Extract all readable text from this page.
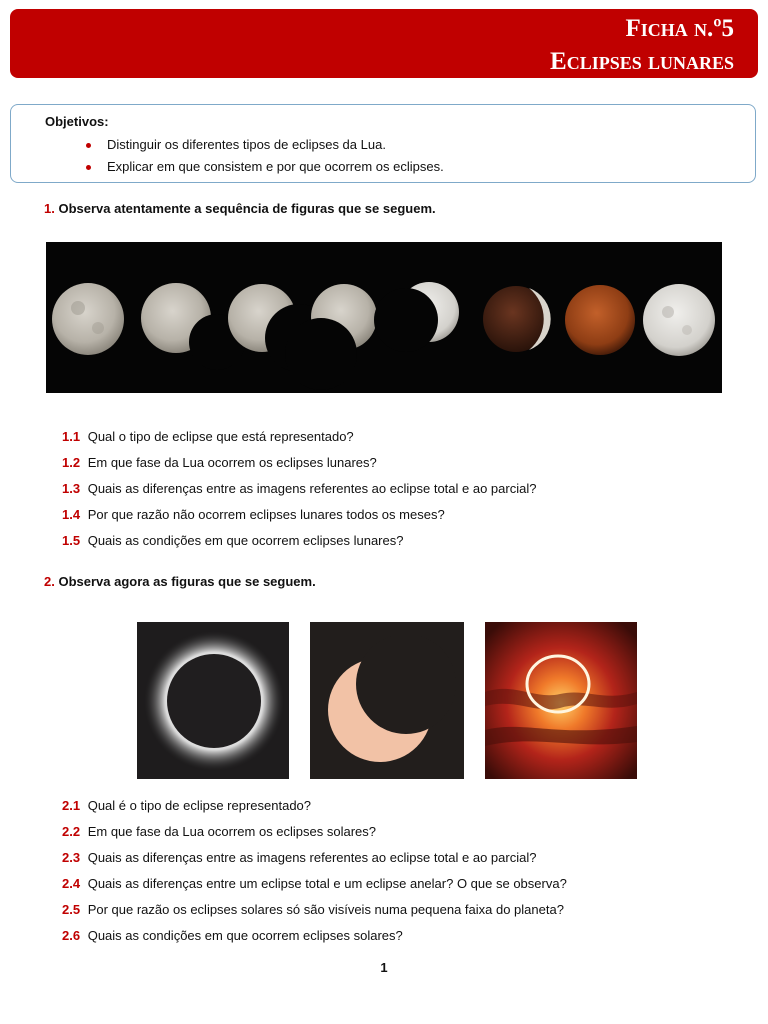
Ficha n.º5
Eclipses lunares
Objetivos:
Distinguir os diferentes tipos de eclipses da Lua.
Explicar em que consistem e por que ocorrem os eclipses.
1. Observa atentamente a sequência de figuras que se seguem.
1.1 Qual o tipo de eclipse que está representado?
1.2 Em que fase da Lua ocorrem os eclipses lunares?
1.3 Quais as diferenças entre as imagens referentes ao eclipse total e ao parcial?
1.4 Por que razão não ocorrem eclipses lunares todos os meses?
1.5 Quais as condições em que ocorrem eclipses lunares?
2. Observa agora as figuras que se seguem.
2.1 Qual é o tipo de eclipse representado?
2.2 Em que fase da Lua ocorrem os eclipses solares?
2.3 Quais as diferenças entre as imagens referentes ao eclipse total e ao parcial?
2.4 Quais as diferenças entre um eclipse total e um eclipse anelar? O que se observa?
2.5 Por que razão os eclipses solares só são visíveis numa pequena faixa do planeta?
2.6 Quais as condições em que ocorrem eclipses solares?
1
